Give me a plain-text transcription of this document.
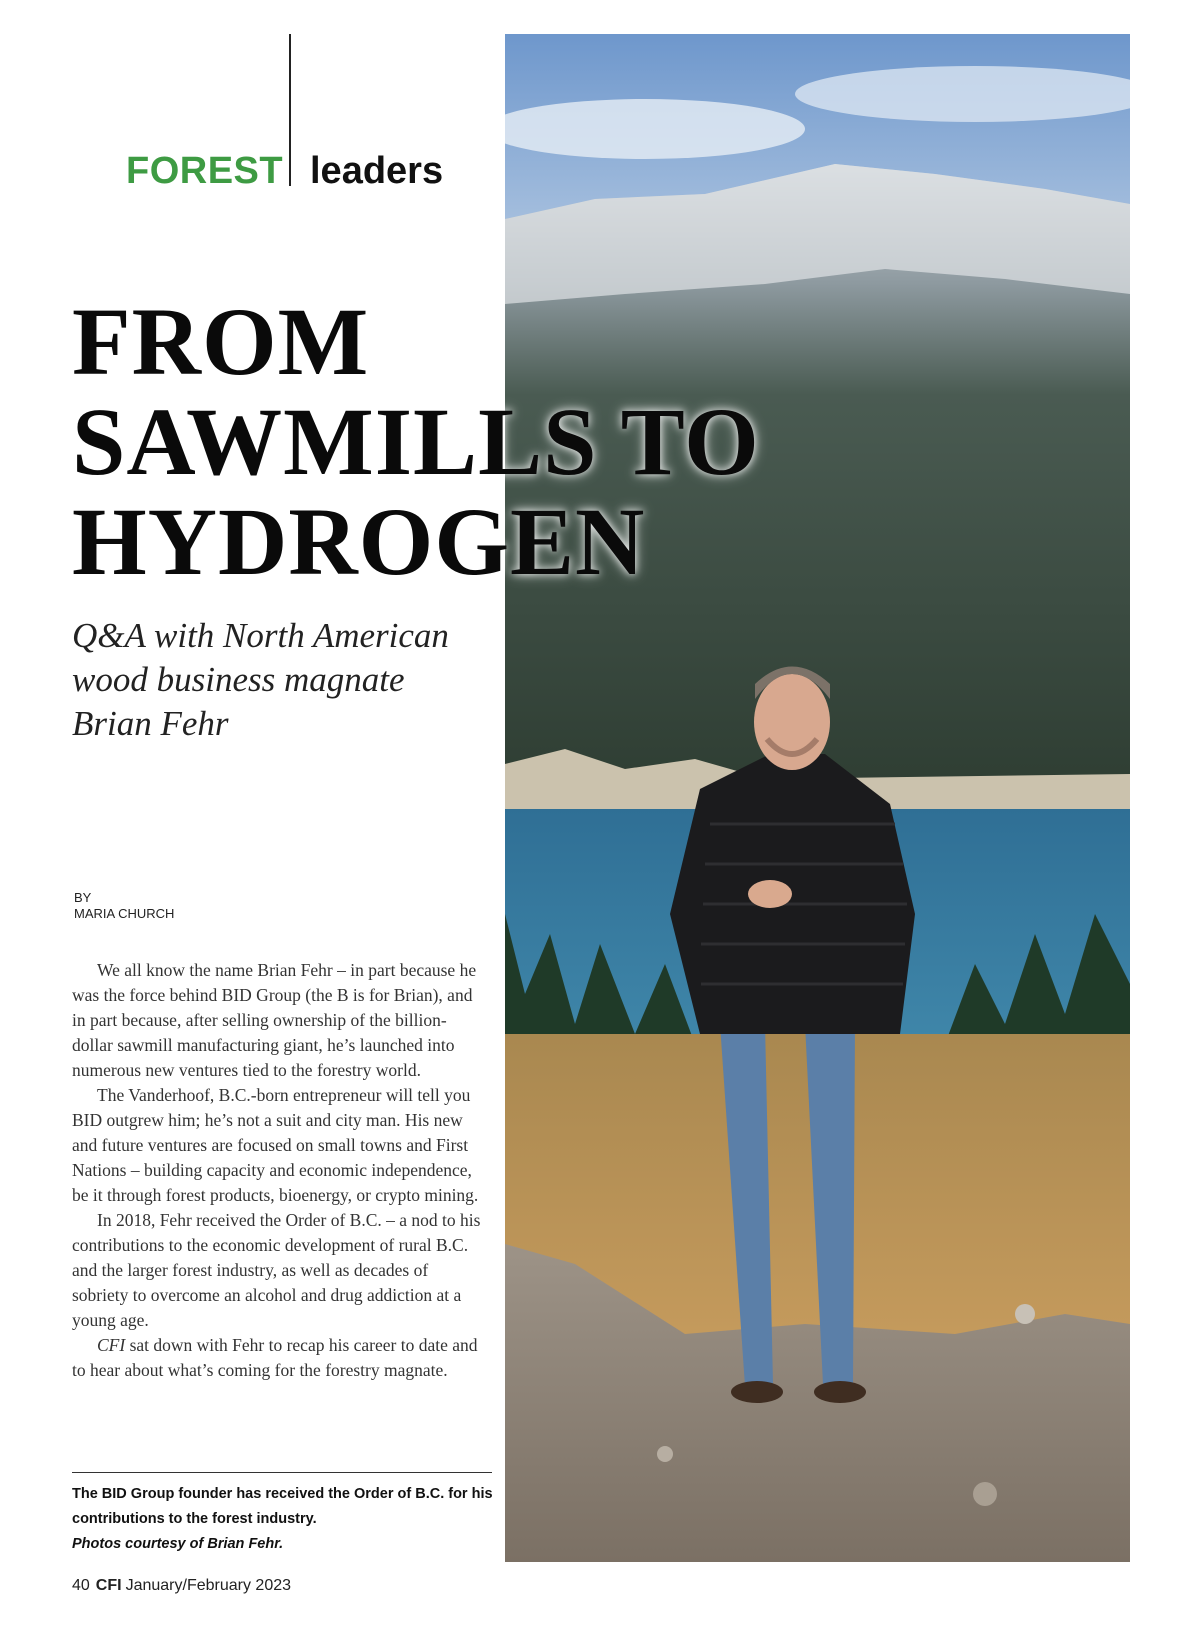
FOREST leaders
FROM
SAWMILLS TO
HYDROGEN
Q&A with North American wood business magnate Brian Fehr
BY
MARIA CHURCH

We all know the name Brian Fehr – in part because he was the force behind BID Group (the B is for Brian), and in part because, after selling ownership of the billion-dollar sawmill manufacturing giant, he’s launched into numerous new ventures tied to the forestry world.

The Vanderhoof, B.C.-born entrepreneur will tell you BID outgrew him; he’s not a suit and city man. His new and future ventures are focused on small towns and First Nations – building capacity and economic independence, be it through forest products, bioenergy, or crypto mining.

In 2018, Fehr received the Order of B.C. – a nod to his contributions to the economic development of rural B.C. and the larger forest industry, as well as decades of sobriety to overcome an alcohol and drug addiction at a young age.

CFI sat down with Fehr to recap his career to date and to hear about what’s coming for the forestry magnate.

The BID Group founder has received the Order of B.C. for his contributions to the forest industry.
Photos courtesy of Brian Fehr.
40 CFI January/February 2023
